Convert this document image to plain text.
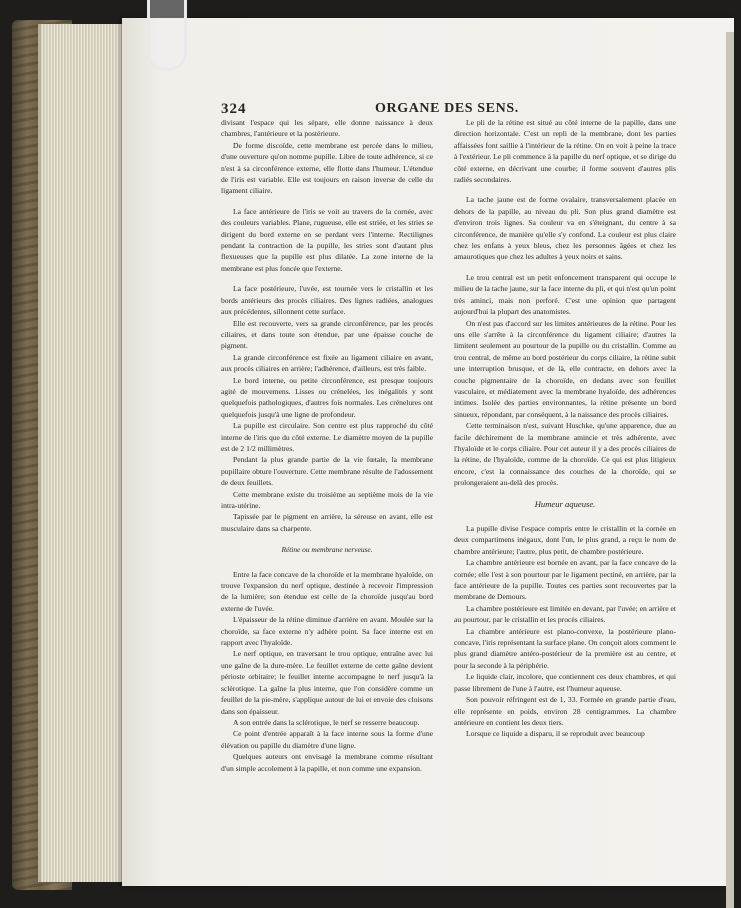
324	ORGANE DES SENS.

divisant l'espace qui les sépare, elle donne naissance à deux chambres, l'antérieure et la postérieure.

De forme discoïde, cette membrane est percée dans le milieu, d'une ouverture qu'on nomme pupille. Libre de toute adhérence, si ce n'est à sa circonférence externe, elle flotte dans l'humeur. L'étendue de l'iris est variable. Elle est toujours en raison inverse de celle du ligament ciliaire.

La face antérieure de l'iris se voit au travers de la cornée, avec des couleurs variables. Plane, rugueuse, elle est striée, et les stries se dirigent du bord externe en se perdant vers l'interne. Rectilignes pendant la contraction de la pupille, les stries sont d'autant plus flexueuses que la pupille est plus dilatée. La zone interne de la membrane est plus foncée que l'externe.

La face postérieure, l'uvée, est tournée vers le cristallin et les bords antérieurs des procès ciliaires. Des lignes radiées, analogues aux précédentes, sillonnent cette surface.

Elle est recouverte, vers sa grande circonférence, par les procès ciliaires, et dans toute son étendue, par une épaisse couche de pigment.

La grande circonférence est fixée au ligament ciliaire en avant, aux procès ciliaires en arrière; l'adhérence, d'ailleurs, est très faible.

Le bord interne, ou petite circonférence, est presque toujours agité de mouvemens. Lisses ou crénelées, les inégalités y sont quelquefois pathologiques, d'autres fois normales. Les crénelures ont quelquefois jusqu'à une ligne de profondeur.

La pupille est circulaire. Son centre est plus rapproché du côté interne de l'iris que du côté externe. Le diamètre moyen de la pupille est de 2 1/2 millimètres.

Pendant la plus grande partie de la vie fœtale, la membrane pupillaire obture l'ouverture. Cette membrane résulte de l'adossement de deux feuillets.

Cette membrane existe du troisième au septième mois de la vie intra-utérine.

Tapissée par le pigment en arrière, la séreuse en avant, elle est musculaire dans sa charpente.

Rétine ou membrane nerveuse.

Entre la face concave de la choroïde et la membrane hyaloïde, on trouve l'expansion du nerf optique, destinée à recevoir l'impression de la lumière; son étendue est celle de la choroïde jusqu'au bord externe de l'uvée.

L'épaisseur de la rétine diminue d'arrière en avant. Moulée sur la choroïde, sa face externe n'y adhère point. Sa face interne est en rapport avec l'hyaloïde.

Le nerf optique, en traversant le trou optique, entraîne avec lui une gaîne de la dure-mère. Le feuillet externe de cette gaîne devient périoste orbitaire; le feuillet interne accompagne le nerf jusqu'à la sclérotique. La gaîne la plus interne, que l'on considère comme un feuillet de la pie-mère, s'applique autour de lui et envoie des cloisons dans son épaisseur.

A son entrée dans la sclérotique, le nerf se resserre beaucoup.

Ce point d'entrée apparaît à la face interne sous la forme d'une élévation ou papille du diamètre d'une ligne.

Quelques auteurs ont envisagé la membrane comme résultant d'un simple accolement à la papille, et non comme une expansion.

Le pli de la rétine est situé au côté interne de la papille, dans une direction horizontale. C'est un repli de la membrane, dont les parties affaissées font saillie à l'intérieur de la rétine. On en voit à peine la trace à l'extérieur. Le pli commence à la papille du nerf optique, et se dirige du côté externe, en décrivant une courbe; il forme souvent d'autres plis radiés secondaires.

La tache jaune est de forme ovalaire, transversalement placée en dehors de la papille, au niveau du pli. Son plus grand diamètre est d'environ trois lignes. Sa couleur va en s'éteignant, du centre à sa circonférence, de manière qu'elle s'y confond. La couleur est plus claire chez les enfans à yeux bleus, chez les personnes âgées et chez les amaurotiques que chez les adultes à yeux noirs et sains.

Le trou central est un petit enfoncement transparent qui occupe le milieu de la tache jaune, sur la face interne du pli, et qui n'est qu'un point très aminci, mais non perforé. C'est une opinion que partagent aujourd'hui la plupart des anatomistes.

On n'est pas d'accord sur les limites antérieures de la rétine. Pour les uns elle s'arrête à la circonférence du ligament ciliaire; d'autres la limitent seulement au pourtour de la pupille ou du cristallin. Comme au trou central, de même au bord postérieur du corps ciliaire, la rétine subit une interruption brusque, et de là, elle contracte, en dehors avec la couche pigmentaire de la choroïde, en dedans avec son feuillet vasculaire, et médiatement avec la membrane hyaloïde, des adhérences intimes. Isolée des parties environnantes, la rétine présente un bord sinueux, répondant, par conséquent, à la naissance des procès ciliaires.

Cette terminaison n'est, suivant Huschke, qu'une apparence, due au facile déchirement de la membrane amincie et très adhérente, avec l'hyaloïde et le corps ciliaire. Pour cet auteur il y a des procès ciliaires de la rétine, de l'hyaloïde, comme de la choroïde. Ce qui est plus litigieux encore, c'est la connaissance des couches de la choroïde, qui se prolongeraient au-delà des procès.

Humeur aqueuse.

La pupille divise l'espace compris entre le cristallin et la cornée en deux compartimens inégaux, dont l'un, le plus grand, a reçu le nom de chambre antérieure; l'autre, plus petit, de chambre postérieure.

La chambre antérieure est bornée en avant, par la face concave de la cornée; elle l'est à son pourtour par le ligament pectiné, en arrière, par la face antérieure de la pupille. Toutes ces parties sont recouvertes par la membrane de Demours.

La chambre postérieure est limitée en devant, par l'uvée; en arrière et au pourtour, par le cristallin et les procès ciliaires.

La chambre antérieure est plano-convexe, la postérieure plano-concave, l'iris représentant la surface plane. On conçoit alors comment le plus grand diamètre antéro-postérieur de la première est au centre, et pour la seconde à la périphérie.

Le liquide clair, incolore, que contiennent ces deux chambres, et qui passe librement de l'une à l'autre, est l'humeur aqueuse.

Son pouvoir réfringent est de 1, 33. Formée en grande partie d'eau, elle représente en poids, environ 28 centigrammes. La chambre antérieure en contient les deux tiers.

Lorsque ce liquide a disparu, il se reproduit avec beaucoup
